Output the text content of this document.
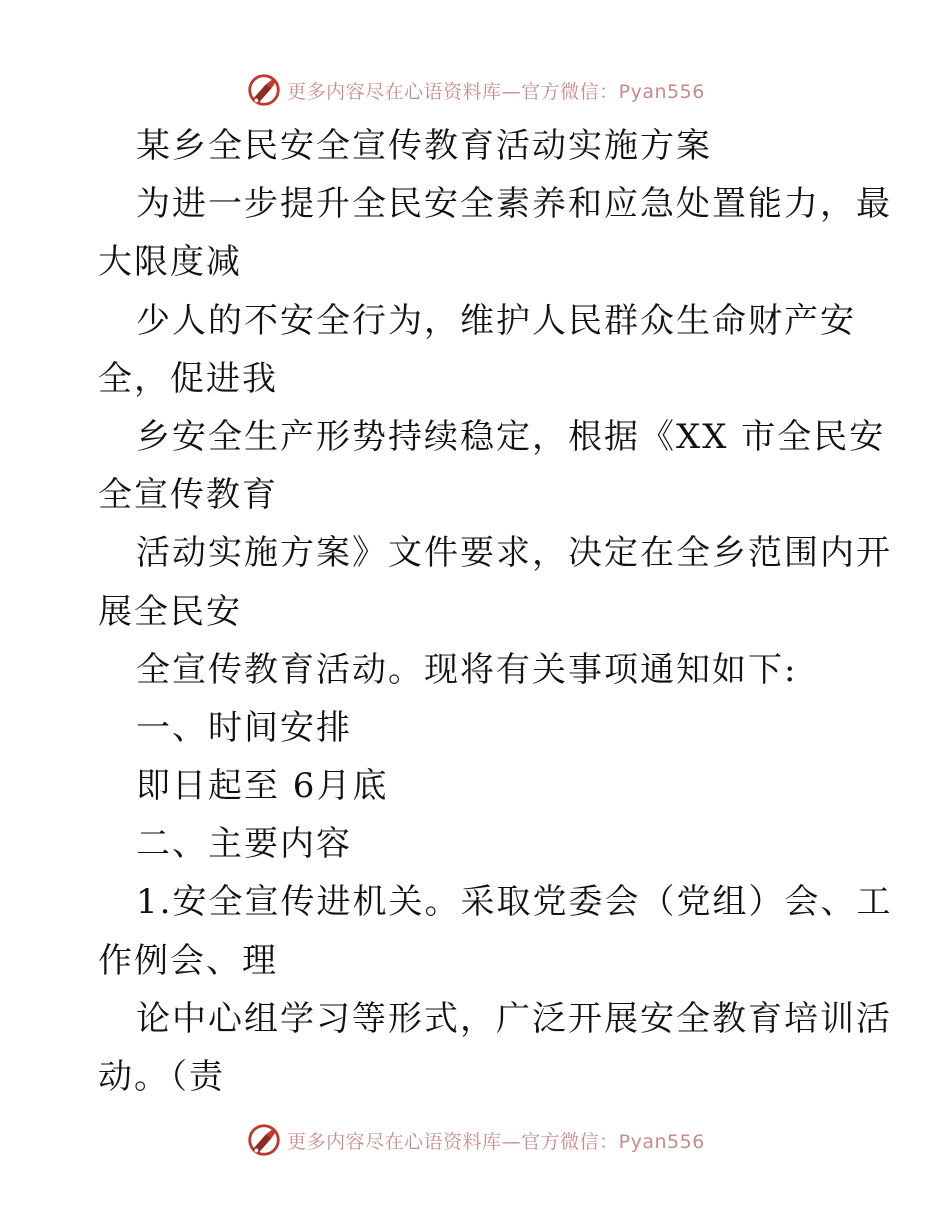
更多内容尽在心语资料库—官方微信：Pyan556
某乡全民安全宣传教育活动实施方案
为进一步提升全民安全素养和应急处置能力，最
大限度减
少人的不安全行为，维护人民群众生命财产安
全，促进我
乡安全生产形势持续稳定，根据《XX 市全民安
全宣传教育
活动实施方案》文件要求，决定在全乡范围内开
展全民安
全宣传教育活动。现将有关事项通知如下:
一、时间安排
即日起至 6月底
二、主要内容
1.安全宣传进机关。采取党委会（党组）会、工
作例会、理
论中心组学习等形式，广泛开展安全教育培训活
动。（责
更多内容尽在心语资料库—官方微信：Pyan556
